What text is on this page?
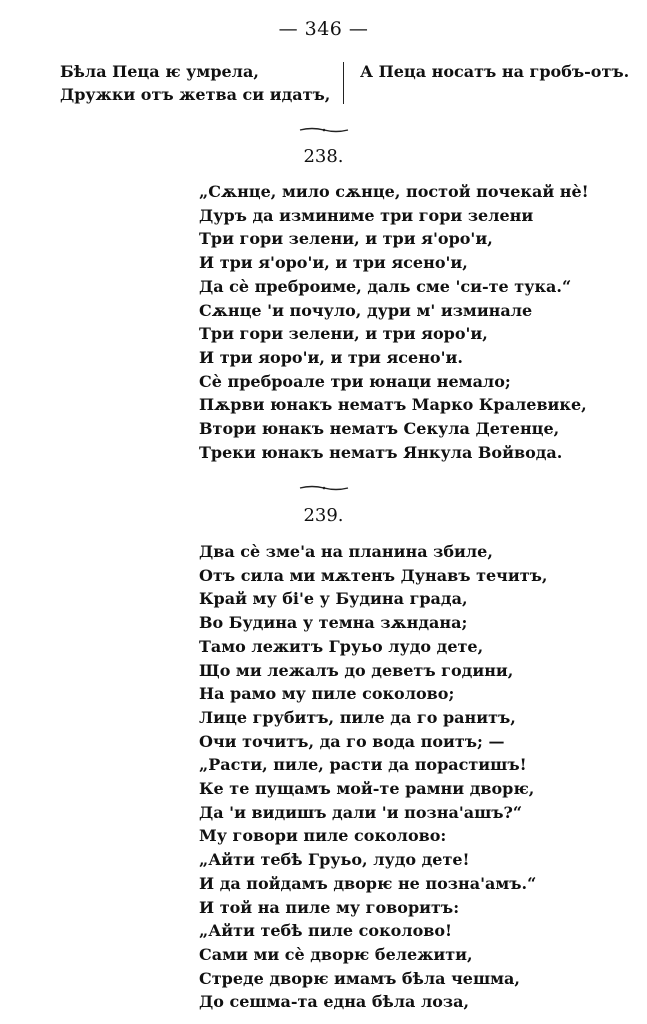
— 346 —
Бѣла Пеца ѥ умрела,
Дружки отъ жетва си идатъ,
А Пеца носатъ на гробъ-отъ.
238.
„Сѫнце, мило сѫнце, постой почекай нѐ!
Дуръ да изминиме три гори зелени
Три гори зелени, и три я'оро'и,
И три я'оро'и, и три ясено'и,
Да сѐ преброиме, даль сме 'си-те тука.“
Сѫнце 'и почуло, дури м' изминале
Три гори зелени, и три яоро'и,
И три яоро'и, и три ясено'и.
Сѐ преброале три юнаци немало;
Пѫрви юнакъ нематъ Марко Кралевике,
Втори юнакъ нематъ Секула Детенце,
Треки юнакъ нематъ Янкула Войвода.
239.
Два сѐ зме'а на планина збиле,
Отъ сила ми мѫтенъ Дунавъ течитъ,
Край му бі'е у Будина града,
Во Будина у темна зѫндана;
Тамо лежитъ Груьо лудо дете,
Що ми лежалъ до деветъ години,
На рамо му пиле соколово;
Лице грубитъ, пиле да го ранитъ,
Очи точитъ, да го вода поитъ; —
„Расти, пиле, расти да порастишъ!
Ке те пущамъ мой-те рамни дворѥ,
Да 'и видишъ дали 'и позна'ашъ?“
Му говори пиле соколово:
„Айти тебѣ Груьо, лудо дете!
И да пойдамъ дворѥ не позна'амъ.“
И той на пиле му говоритъ:
„Айти тебѣ пиле соколово!
Сами ми сѐ дворѥ бележити,
Стреде дворѥ имамъ бѣла чешма,
До сешма-та една бѣла лоза,
